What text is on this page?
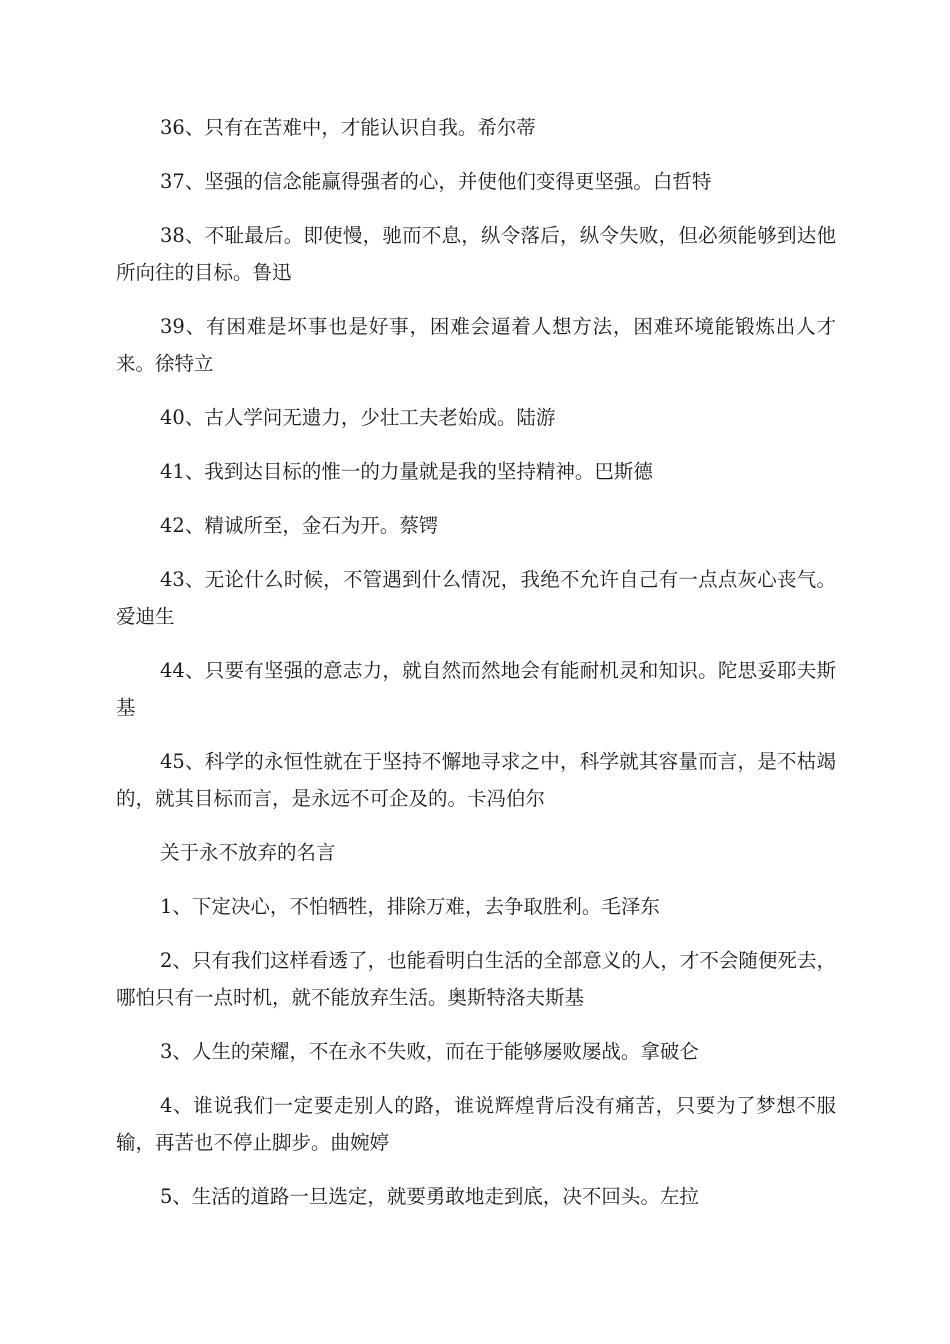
36、只有在苦难中，才能认识自我。希尔蒂

37、坚强的信念能赢得强者的心，并使他们变得更坚强。白哲特

38、不耻最后。即使慢，驰而不息，纵令落后，纵令失败，但必须能够到达他所向往的目标。鲁迅

39、有困难是坏事也是好事，困难会逼着人想方法，困难环境能锻炼出人才来。徐特立

40、古人学问无遗力，少壮工夫老始成。陆游

41、我到达目标的惟一的力量就是我的坚持精神。巴斯德

42、精诚所至，金石为开。蔡锷

43、无论什么时候，不管遇到什么情况，我绝不允许自己有一点点灰心丧气。爱迪生

44、只要有坚强的意志力，就自然而然地会有能耐机灵和知识。陀思妥耶夫斯基

45、科学的永恒性就在于坚持不懈地寻求之中，科学就其容量而言，是不枯竭的，就其目标而言，是永远不可企及的。卡冯伯尔

关于永不放弃的名言

1、下定决心，不怕牺牲，排除万难，去争取胜利。毛泽东

2、只有我们这样看透了，也能看明白生活的全部意义的人，才不会随便死去，哪怕只有一点时机，就不能放弃生活。奥斯特洛夫斯基

3、人生的荣耀，不在永不失败，而在于能够屡败屡战。拿破仑

4、谁说我们一定要走别人的路，谁说辉煌背后没有痛苦，只要为了梦想不服输，再苦也不停止脚步。曲婉婷

5、生活的道路一旦选定，就要勇敢地走到底，决不回头。左拉
